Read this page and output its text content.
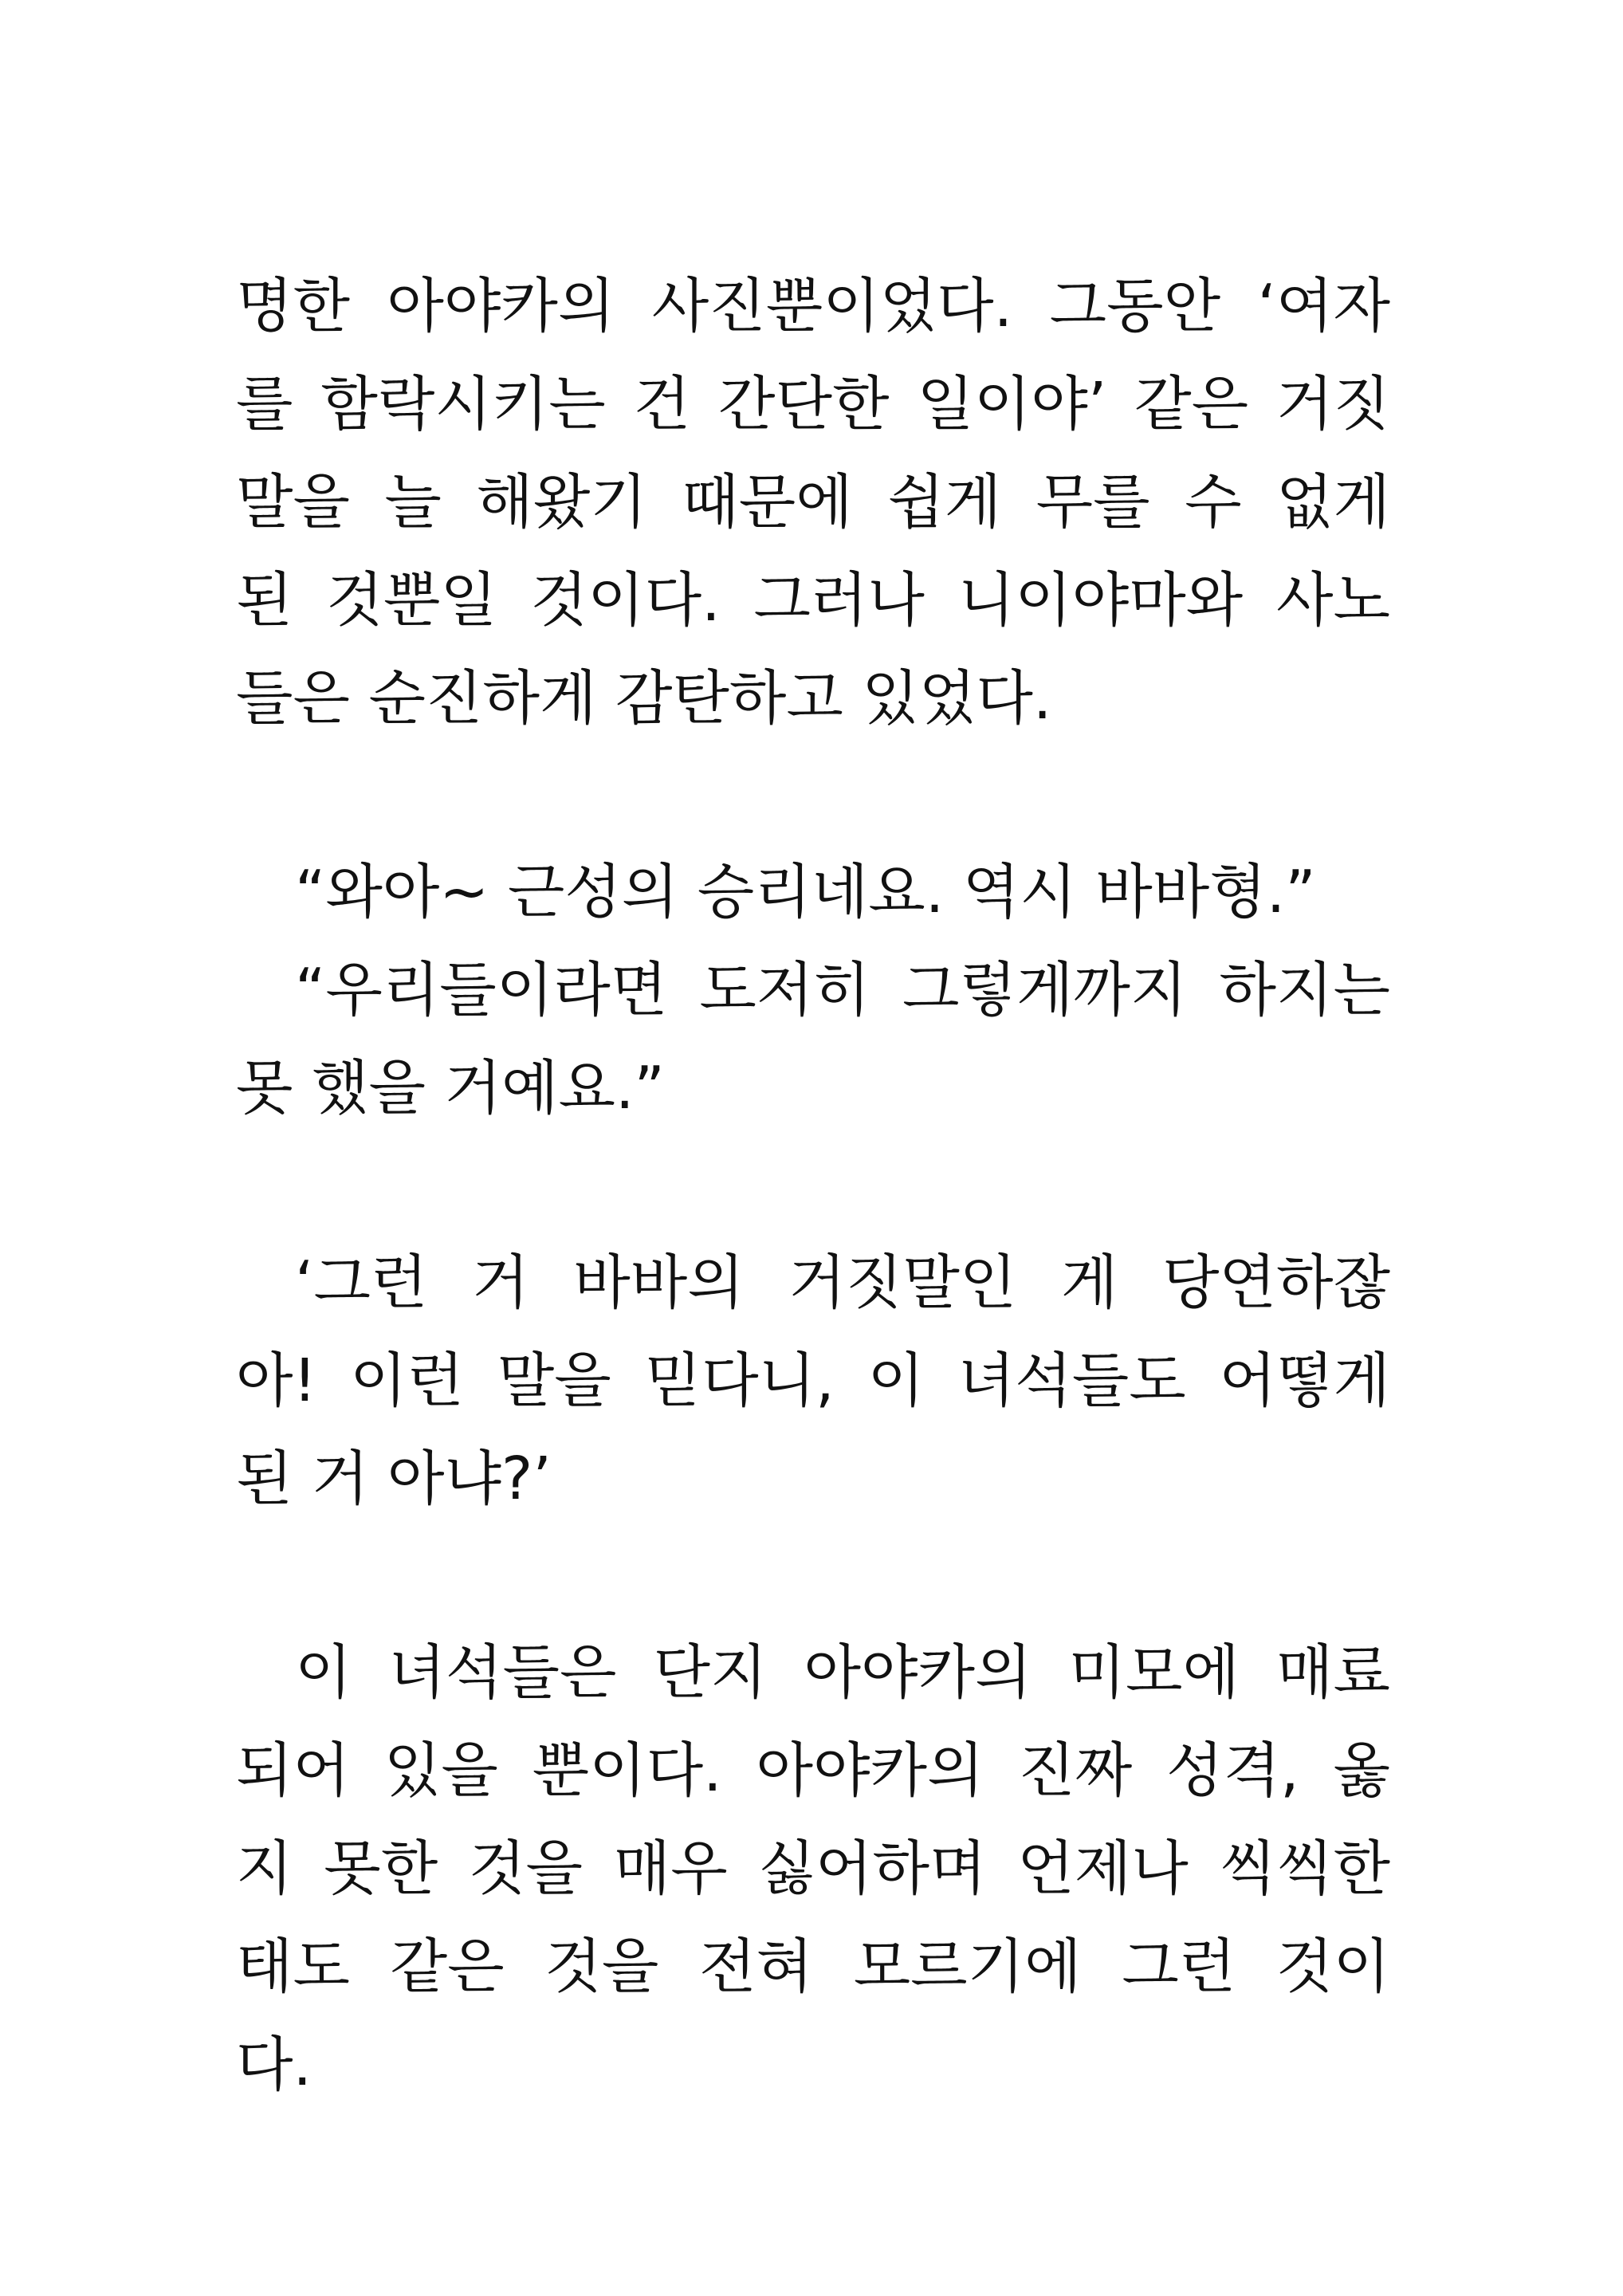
명한 아야카의 사진뿐이었다. 그동안 ‘여자
를 함락시키는 건 간단한 일이야’ 같은 거짓
말을 늘 해왔기 때문에 쉽게 무를 수 없게
된 것뿐일 것이다. 그러나 니이야마와 사노
들은 순진하게 감탄하고 있었다.
“와아~ 근성의 승리네요. 역시 바바형.”
“우리들이라면 도저히 그렇게까지 하지는
못 했을 거예요.”
‘그런 거 바바의 거짓말인 게 당연하잖
아! 이런 말을 믿다니, 이 녀석들도 어떻게
된 거 아냐?’
이 녀석들은 단지 아야카의 미모에 매료
되어 있을 뿐이다. 아야카의 진짜 성격, 옳
지 못한 것을 매우 싫어하며 언제나 씩씩한
태도 같은 것을 전혀 모르기에 그런 것이
다.
